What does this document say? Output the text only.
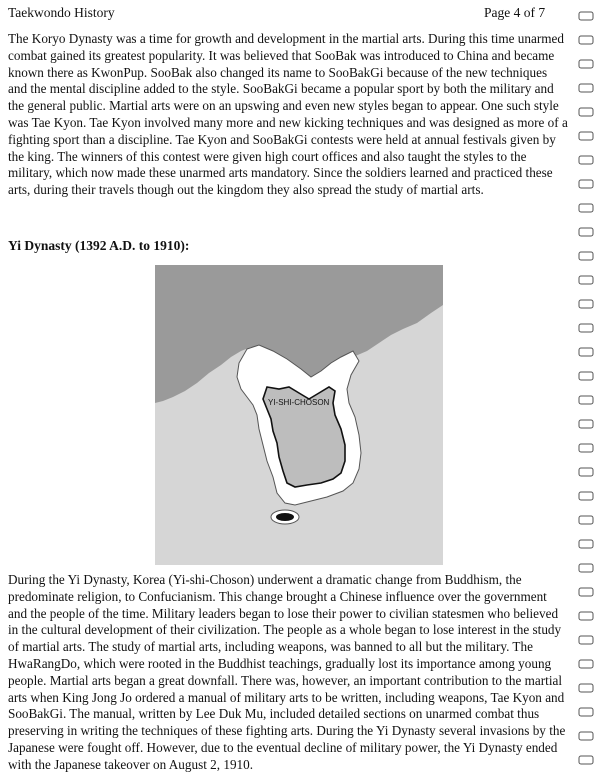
Taekwondo History	Page 4 of 7

The Koryo Dynasty was a time for growth and development in the martial arts. During this time unarmed combat gained its greatest popularity. It was believed that SooBak was introduced to China and became known there as KwonPup. SooBak also changed its name to SooBakGi because of the new techniques and the mental discipline added to the style. SooBakGi became a popular sport by both the military and the general public. Martial arts were on an upswing and even new styles began to appear. One such style was Tae Kyon. Tae Kyon involved many more and new kicking techniques and was designed as more of a fighting sport than a discipline. Tae Kyon and SooBakGi contests were held at annual festivals given by the king. The winners of this contest were given high court offices and also taught the styles to the military, which now made these unarmed arts mandatory. Since the soldiers learned and practiced these arts, during their travels though out the kingdom they also spread the study of martial arts.

Yi Dynasty (1392 A.D. to 1910):
YI-SHI-CHOSON

During the Yi Dynasty, Korea (Yi-shi-Choson) underwent a dramatic change from Buddhism, the predominate religion, to Confucianism. This change brought a Chinese influence over the government and the people of the time. Military leaders began to lose their power to civilian statesmen who believed in the cultural development of their civilization. The people as a whole began to lose interest in the study of martial arts. The study of martial arts, including weapons, was banned to all but the military. The HwaRangDo, which were rooted in the Buddhist teachings, gradually lost its importance among young people. Martial arts began a great downfall. There was, however, an important contribution to the martial arts when King Jong Jo ordered a manual of military arts to be written, including weapons, Tae Kyon and SooBakGi. The manual, written by Lee Duk Mu, included detailed sections on unarmed combat thus preserving in writing the techniques of these fighting arts. During the Yi Dynasty several invasions by the Japanese were fought off. However, due to the eventual decline of military power, the Yi Dynasty ended with the Japanese takeover on August 2, 1910.
